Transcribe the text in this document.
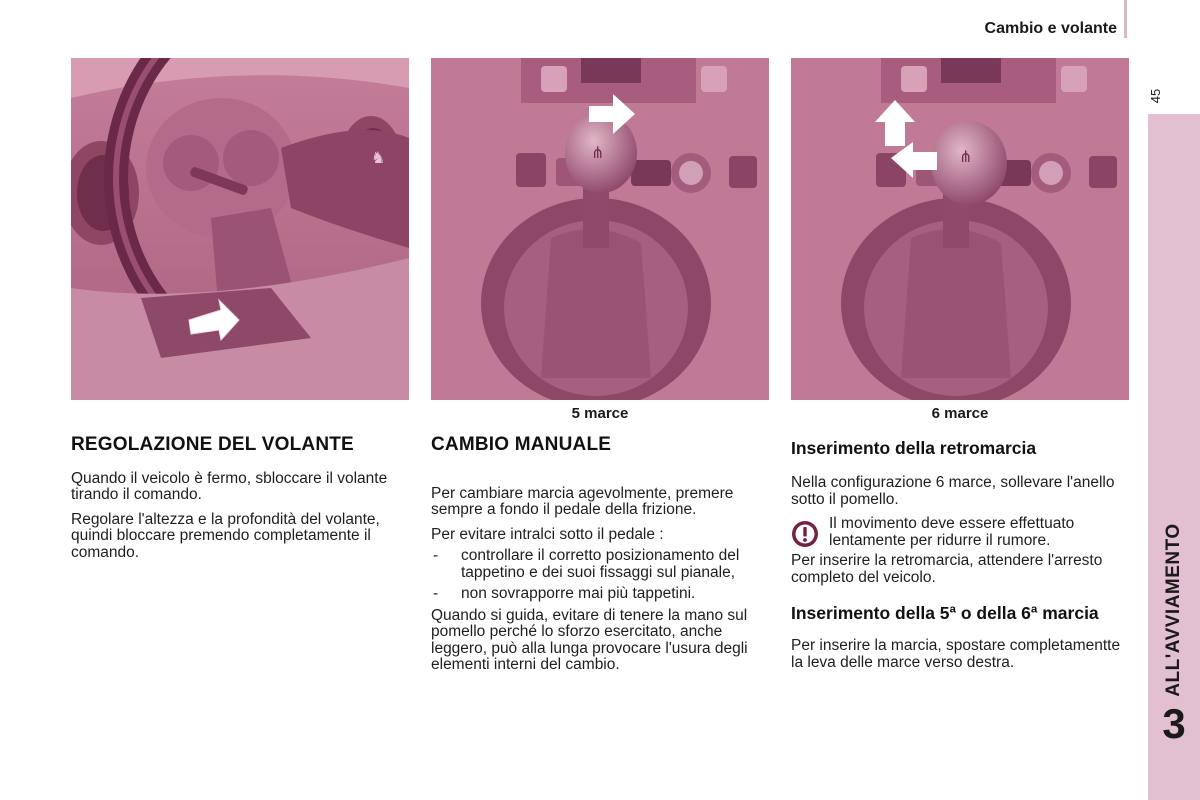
Cambio e volante
45
ALL'AVVIAMENTO
3
♞	⋔	⋔
5 marce	6 marce
REGOLAZIONE DEL VOLANTE

Quando il veicolo è fermo, sbloccare il volante tirando il comando.

Regolare l'altezza e la profondità del volante, quindi bloccare premendo completamente il comando.

CAMBIO MANUALE

Per cambiare marcia agevolmente, premere sempre a fondo il pedale della frizione.

Per evitare intralci sotto il pedale :

- controllare il corretto posizionamento del tappetino e dei suoi fissaggi sul pianale,
- non sovrapporre mai più tappetini.

Quando si guida, evitare di tenere la mano sul pomello perché lo sforzo esercitato, anche leggero, può alla lunga provocare l'usura degli elementi interni del cambio.

Inserimento della retromarcia

Nella configurazione 6 marce, sollevare l'anello sotto il pomello.

Il movimento deve essere effettuato lentamente per ridurre il rumore.

Per inserire la retromarcia, attendere l'arresto completo del veicolo.

Inserimento della 5ª o della 6ª marcia

Per inserire la marcia, spostare completamentte la leva delle marce verso destra.
